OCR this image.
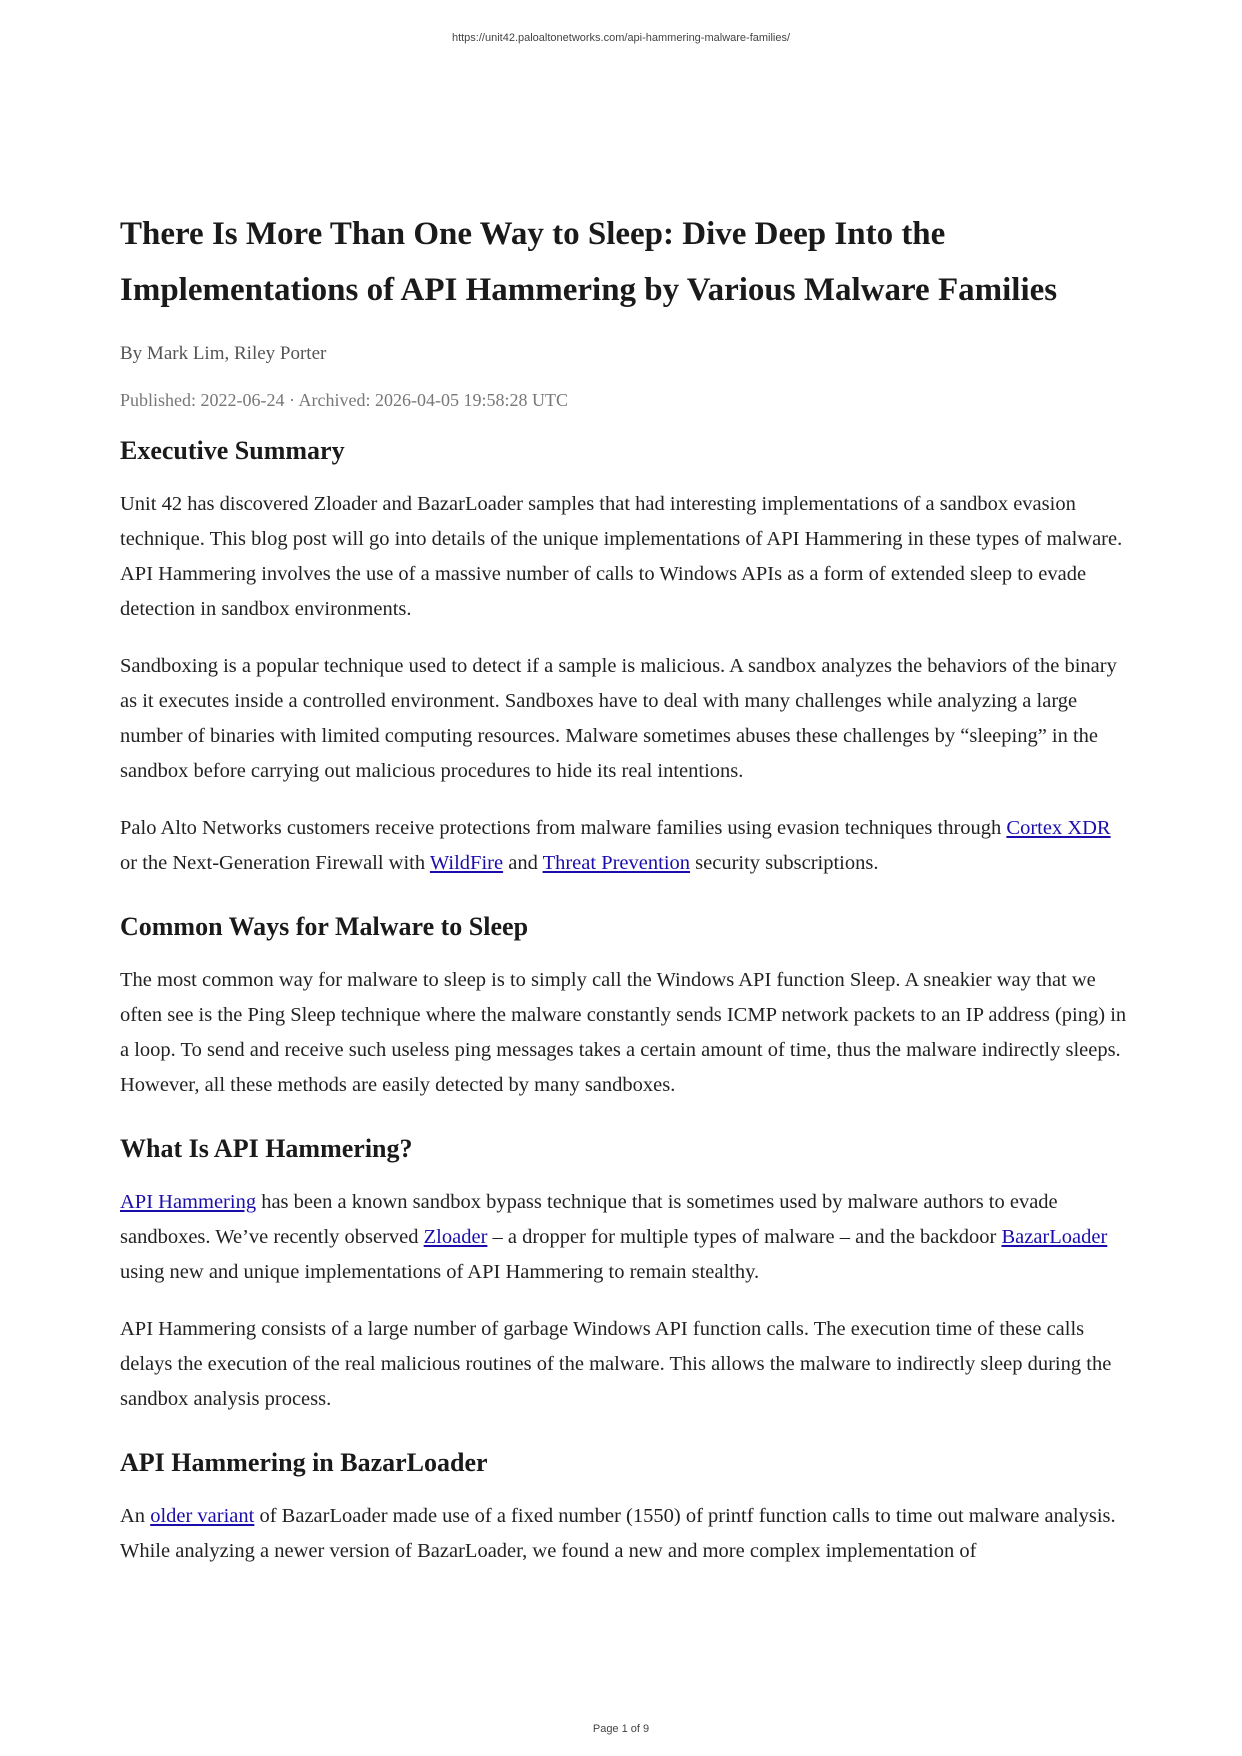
https://unit42.paloaltonetworks.com/api-hammering-malware-families/
There Is More Than One Way to Sleep: Dive Deep Into the Implementations of API Hammering by Various Malware Families
By Mark Lim, Riley Porter
Published: 2022-06-24 · Archived: 2026-04-05 19:58:28 UTC
Executive Summary

Unit 42 has discovered Zloader and BazarLoader samples that had interesting implementations of a sandbox evasion technique. This blog post will go into details of the unique implementations of API Hammering in these types of malware. API Hammering involves the use of a massive number of calls to Windows APIs as a form of extended sleep to evade detection in sandbox environments.

Sandboxing is a popular technique used to detect if a sample is malicious. A sandbox analyzes the behaviors of the binary as it executes inside a controlled environment. Sandboxes have to deal with many challenges while analyzing a large number of binaries with limited computing resources. Malware sometimes abuses these challenges by “sleeping” in the sandbox before carrying out malicious procedures to hide its real intentions.

Palo Alto Networks customers receive protections from malware families using evasion techniques through Cortex XDR or the Next-Generation Firewall with WildFire and Threat Prevention security subscriptions.

Common Ways for Malware to Sleep

The most common way for malware to sleep is to simply call the Windows API function Sleep. A sneakier way that we often see is the Ping Sleep technique where the malware constantly sends ICMP network packets to an IP address (ping) in a loop. To send and receive such useless ping messages takes a certain amount of time, thus the malware indirectly sleeps. However, all these methods are easily detected by many sandboxes.

What Is API Hammering?

API Hammering has been a known sandbox bypass technique that is sometimes used by malware authors to evade sandboxes. We’ve recently observed Zloader – a dropper for multiple types of malware – and the backdoor BazarLoader using new and unique implementations of API Hammering to remain stealthy.

API Hammering consists of a large number of garbage Windows API function calls. The execution time of these calls delays the execution of the real malicious routines of the malware. This allows the malware to indirectly sleep during the sandbox analysis process.

API Hammering in BazarLoader

An older variant of BazarLoader made use of a fixed number (1550) of printf function calls to time out malware analysis. While analyzing a newer version of BazarLoader, we found a new and more complex implementation of

Page 1 of 9
